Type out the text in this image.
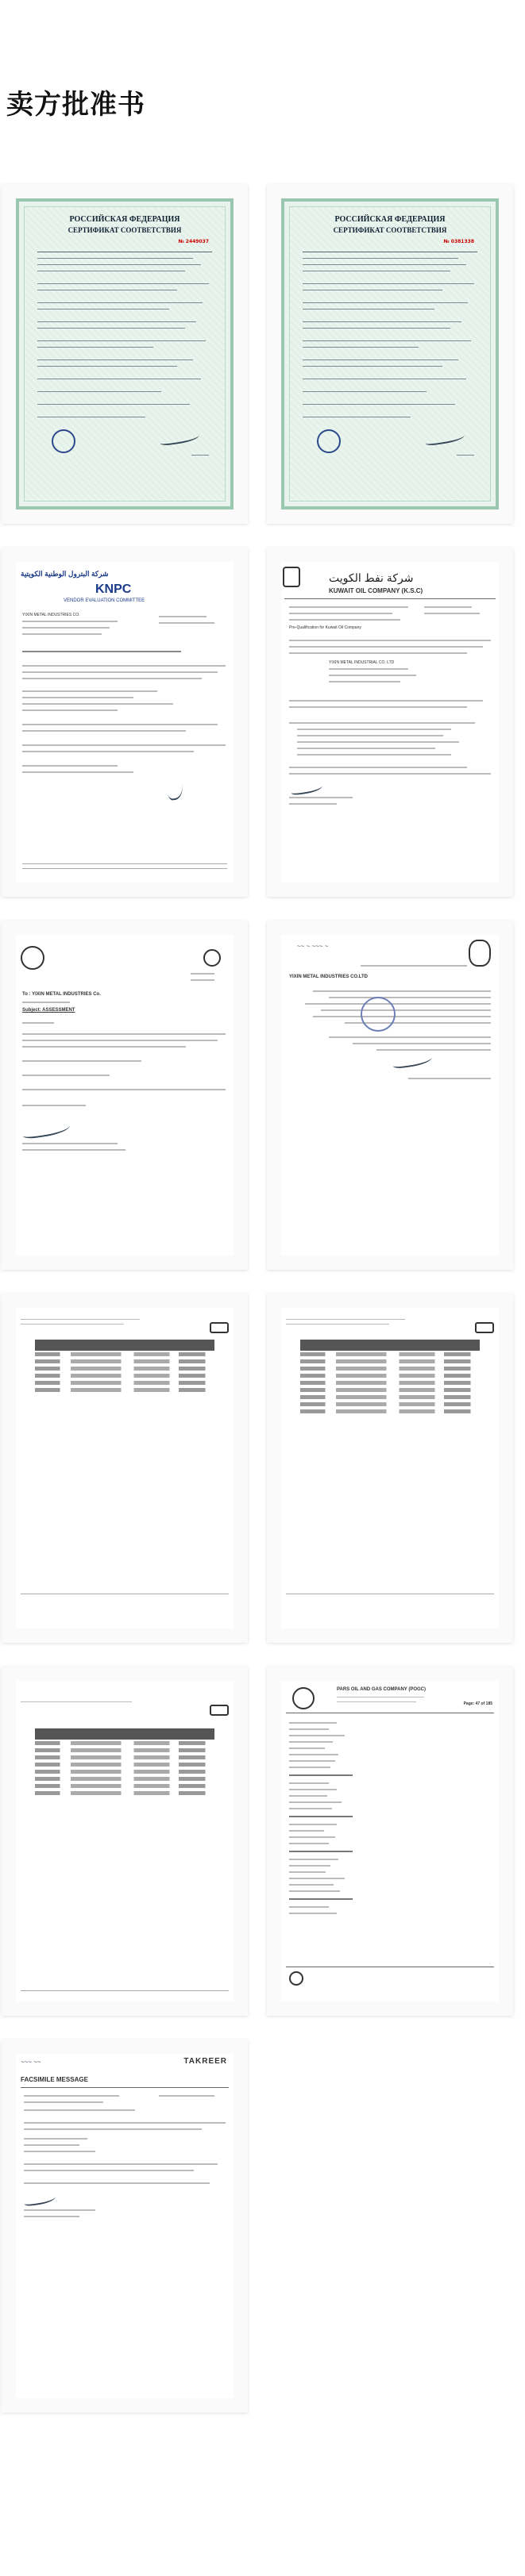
卖方批准书
РОССИЙСКАЯ ФЕДЕРАЦИЯ
СЕРТИФИКАТ СООТВЕТСТВИЯ
№ 2449037
РОССИЙСКАЯ ФЕДЕРАЦИЯ
СЕРТИФИКАТ СООТВЕТСТВИЯ
№ 0381338
شركة البترول الوطنية الكويتية
KNPC
VENDOR EVALUATION COMMITTEE
YIXIN METAL INDUSTRIES CO.
شركة نفط الكويت
KUWAIT OIL COMPANY (K.S.C)
Pre-Qualification for Kuwait Oil Company
YIXIN METAL INDUSTRIAL CO. LTD
To : YIXIN METAL INDUSTRIES Co.
Subject: ASSESSMENT
~~ ~ ~~~ ~
YIXIN METAL INDUSTRIES CO.LTD
PARS OIL AND GAS COMPANY (POGC)
Page: 47 of 185
~~~ ~~	TAKREER
FACSIMILE MESSAGE
